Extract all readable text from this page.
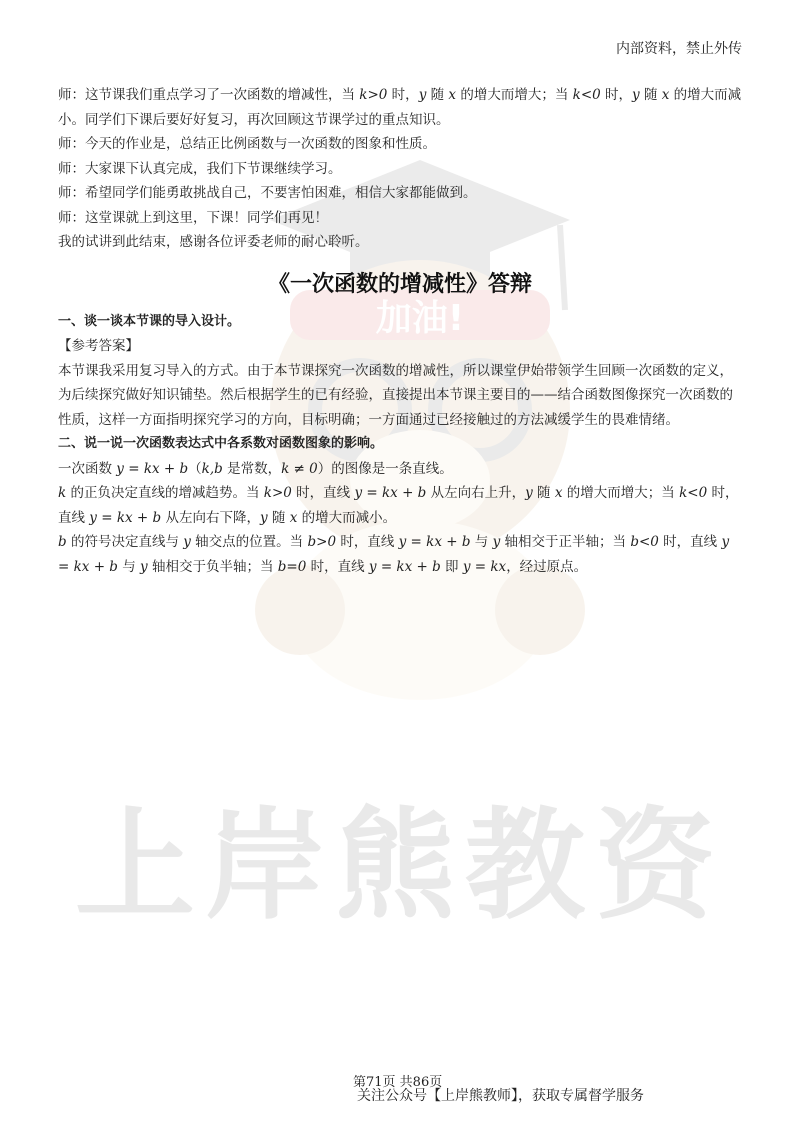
加油!
上岸熊教资
内部资料，禁止外传

师：这节课我们重点学习了一次函数的增减性，当 k>0 时，y 随 x 的增大而增大；当 k<0 时，y 随 x 的增大而减小。同学们下课后要好好复习，再次回顾这节课学过的重点知识。

师：今天的作业是，总结正比例函数与一次函数的图象和性质。

师：大家课下认真完成，我们下节课继续学习。

师：希望同学们能勇敢挑战自己，不要害怕困难，相信大家都能做到。

师：这堂课就上到这里，下课！同学们再见！

我的试讲到此结束，感谢各位评委老师的耐心聆听。

《一次函数的增减性》答辩

一、谈一谈本节课的导入设计。

【参考答案】

本节课我采用复习导入的方式。由于本节课探究一次函数的增减性，所以课堂伊始带领学生回顾一次函数的定义，为后续探究做好知识铺垫。然后根据学生的已有经验，直接提出本节课主要目的——结合函数图像探究一次函数的性质，这样一方面指明探究学习的方向，目标明确；一方面通过已经接触过的方法减缓学生的畏难情绪。

二、说一说一次函数表达式中各系数对函数图象的影响。

一次函数 y = kx + b（k,b 是常数，k ≠ 0）的图像是一条直线。

k 的正负决定直线的增减趋势。当 k>0 时，直线 y = kx + b 从左向右上升，y 随 x 的增大而增大；当 k<0 时，直线 y = kx + b 从左向右下降，y 随 x 的增大而减小。

b 的符号决定直线与 y 轴交点的位置。当 b>0 时，直线 y = kx + b 与 y 轴相交于正半轴；当 b<0 时，直线 y = kx + b 与 y 轴相交于负半轴；当 b=0 时，直线 y = kx + b 即 y = kx，经过原点。

第71页 共86页
关注公众号【上岸熊教师】，获取专属督学服务
